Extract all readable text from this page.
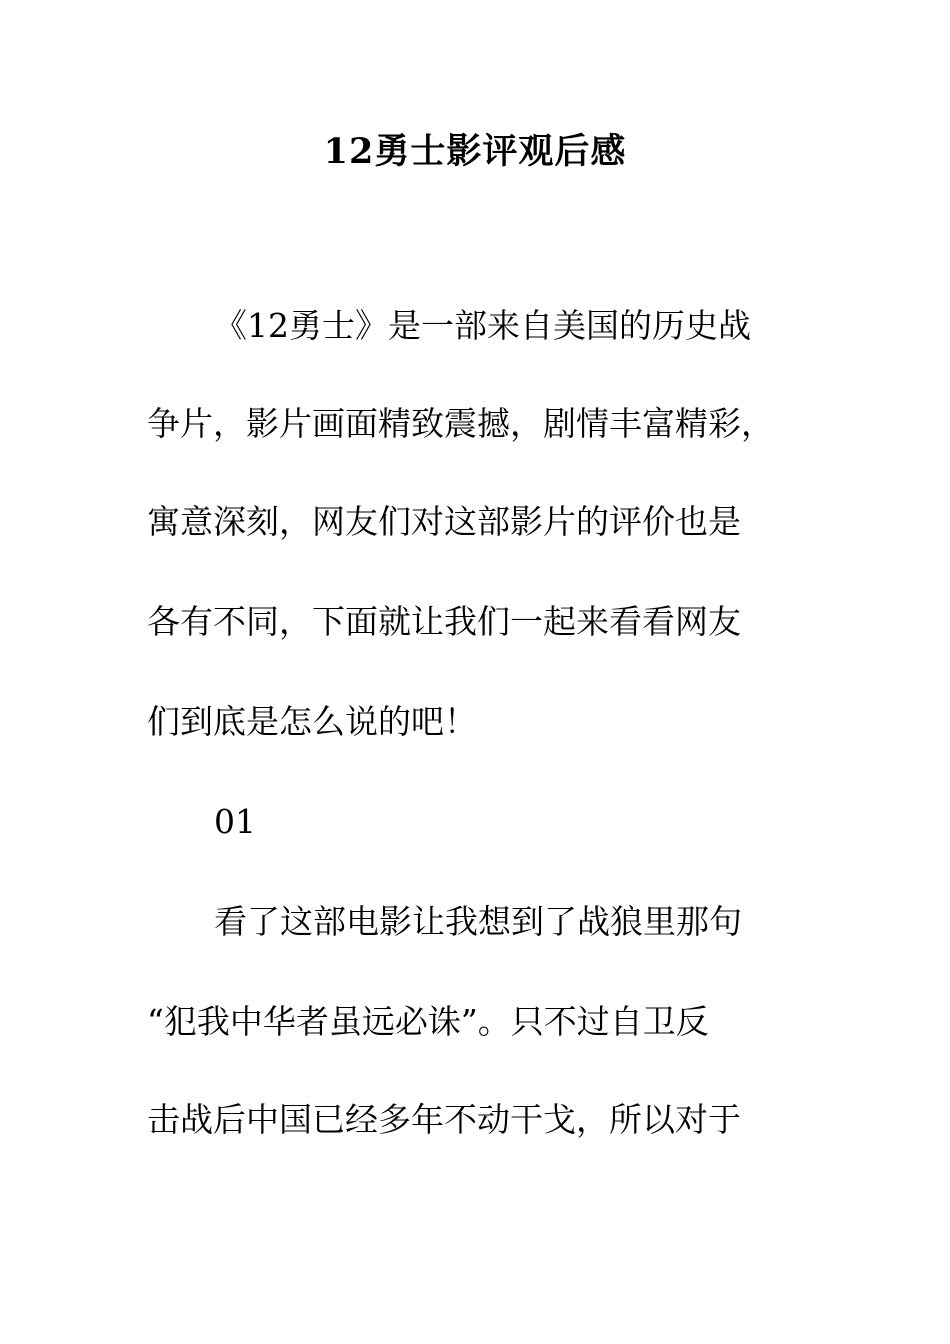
12勇士影评观后感

《12勇士》是一部来自美国的历史战

争片，影片画面精致震撼，剧情丰富精彩，

寓意深刻，网友们对这部影片的评价也是

各有不同，下面就让我们一起来看看网友

们到底是怎么说的吧！

01

看了这部电影让我想到了战狼里那句

“犯我中华者虽远必诛”。只不过自卫反

击战后中国已经多年不动干戈，所以对于
